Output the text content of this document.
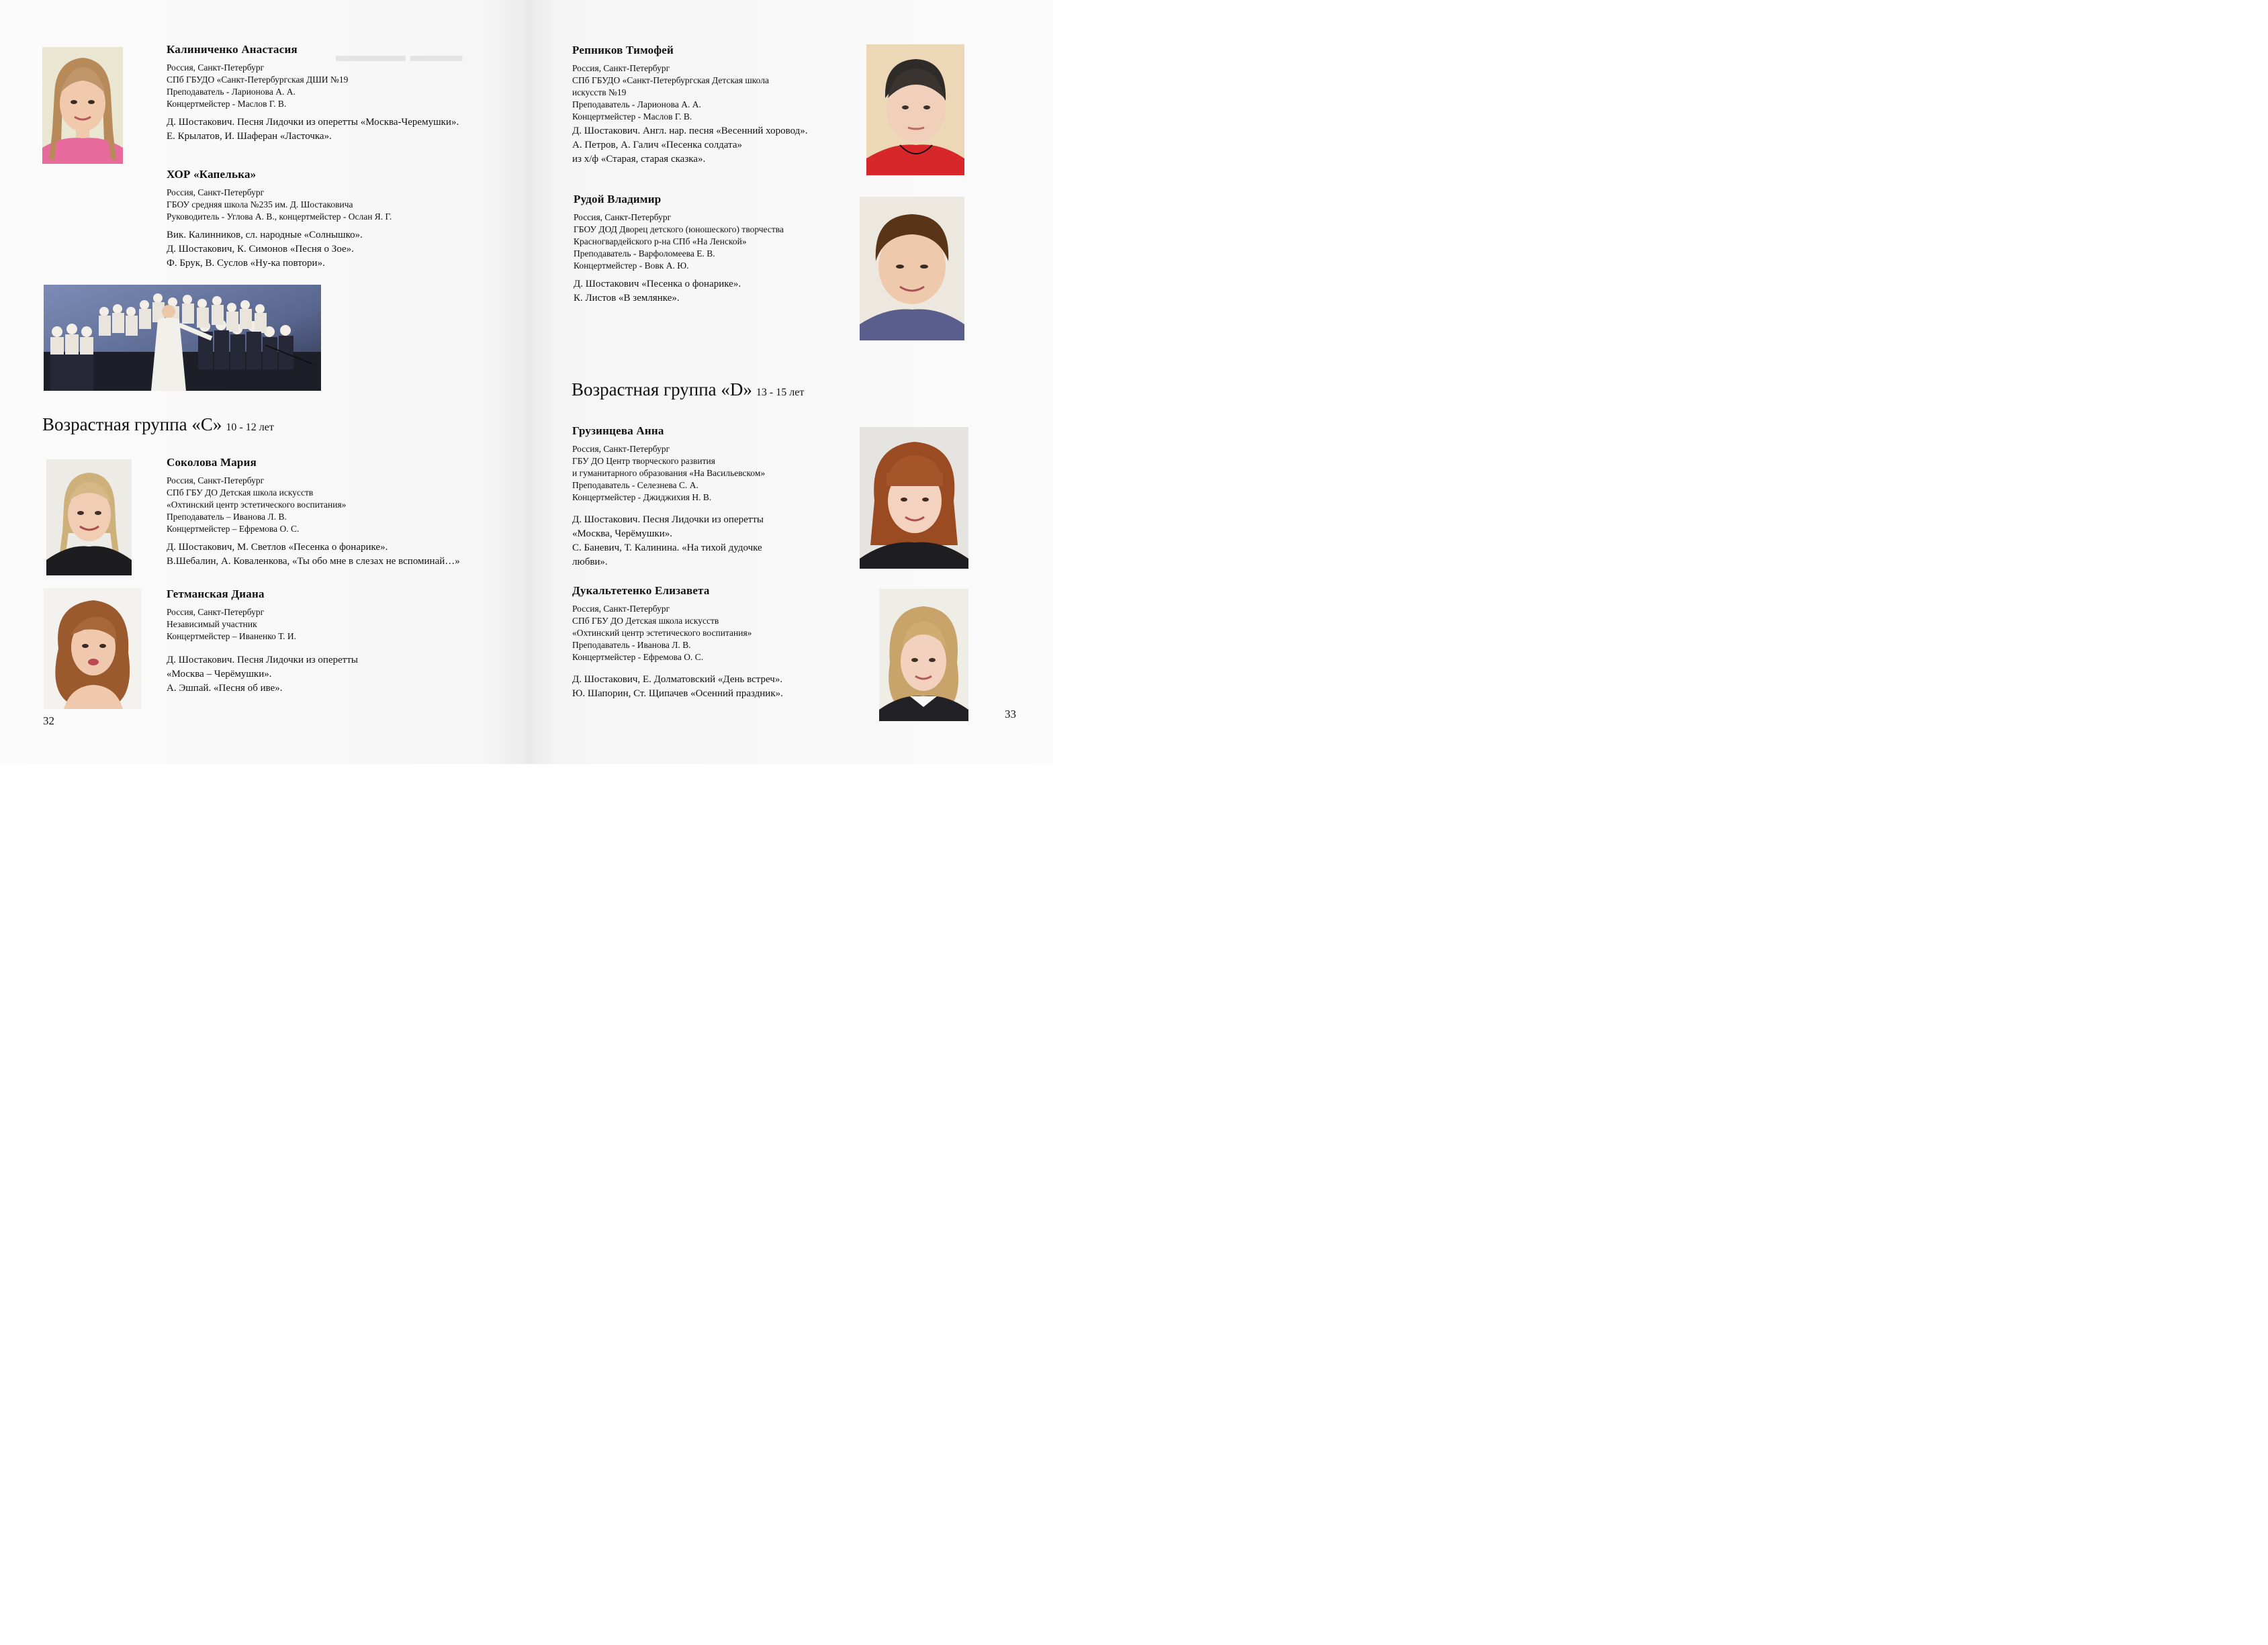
▬▬▬▬ ▬▬▬
Калиниченко Анастасия
Россия, Санкт-Петербург
СПб ГБУДО «Санкт-Петербургская ДШИ №19
Преподаватель - Ларионова А. А.
Концертмейстер - Маслов Г. В.
Д. Шостакович. Песня Лидочки из оперетты «Москва-Черемушки».
Е. Крылатов, И. Шаферан «Ласточка».
ХОР «Капелька»
Россия, Санкт-Петербург
ГБОУ средняя школа №235 им. Д. Шостаковича
Руководитель - Углова А. В., концертмейстер - Ослан Я. Г.
Вик. Калинников, сл. народные «Солнышко».
Д. Шостакович, К. Симонов «Песня о Зое».
Ф. Брук, В. Суслов «Ну-ка повтори».
Возрастная группа «С» 10 - 12 лет
Соколова Мария
Россия, Санкт-Петербург
СПб ГБУ ДО Детская школа искусств
«Охтинский центр эстетического воспитания»
Преподаватель – Иванова Л. В.
Концертмейстер – Ефремова О. С.
Д. Шостакович, М. Светлов «Песенка о фонарике».
В.Шебалин, А. Коваленкова, «Ты обо мне в слезах не вспоминай…»
Гетманская Диана
Россия, Санкт-Петербург
Независимый участник
Концертмейстер – Иваненко Т. И.
Д. Шостакович. Песня Лидочки из оперетты
«Москва – Черёмушки».
А. Эшпай. «Песня об иве».
32
Репников Тимофей
Россия, Санкт-Петербург
СПб ГБУДО «Санкт-Петербургская Детская школа
искусств №19
Преподаватель - Ларионова А. А.
Концертмейстер - Маслов Г. В.
Д. Шостакович. Англ. нар. песня «Весенний хоровод».
А. Петров, А. Галич «Песенка солдата»
из х/ф «Старая, старая сказка».
Рудой Владимир
Россия, Санкт-Петербург
ГБОУ ДОД Дворец детского (юношеского) творчества
Красногвардейского р-на СПб «На Ленской»
Преподаватель - Варфоломеева Е. В.
Концертмейстер - Вовк А. Ю.
Д. Шостакович «Песенка о фонарике».
К. Листов «В землянке».
Возрастная группа «D» 13 - 15 лет
Грузинцева Анна
Россия, Санкт-Петербург
ГБУ ДО Центр творческого развития
и гуманитарного образования «На Васильевском»
Преподаватель - Селезнева С. А.
Концертмейстер - Джиджихия Н. В.
Д. Шостакович. Песня Лидочки из оперетты
«Москва, Черёмушки».
С. Баневич, Т. Калинина. «На тихой дудочке
любви».
Дукальтетенко Елизавета
Россия, Санкт-Петербург
СПб ГБУ ДО Детская школа искусств
«Охтинский центр эстетического воспитания»
Преподаватель - Иванова Л. В.
Концертмейстер - Ефремова О. С.
Д. Шостакович, Е. Долматовский «День встреч».
Ю. Шапорин, Ст. Щипачев «Осенний праздник».
33
